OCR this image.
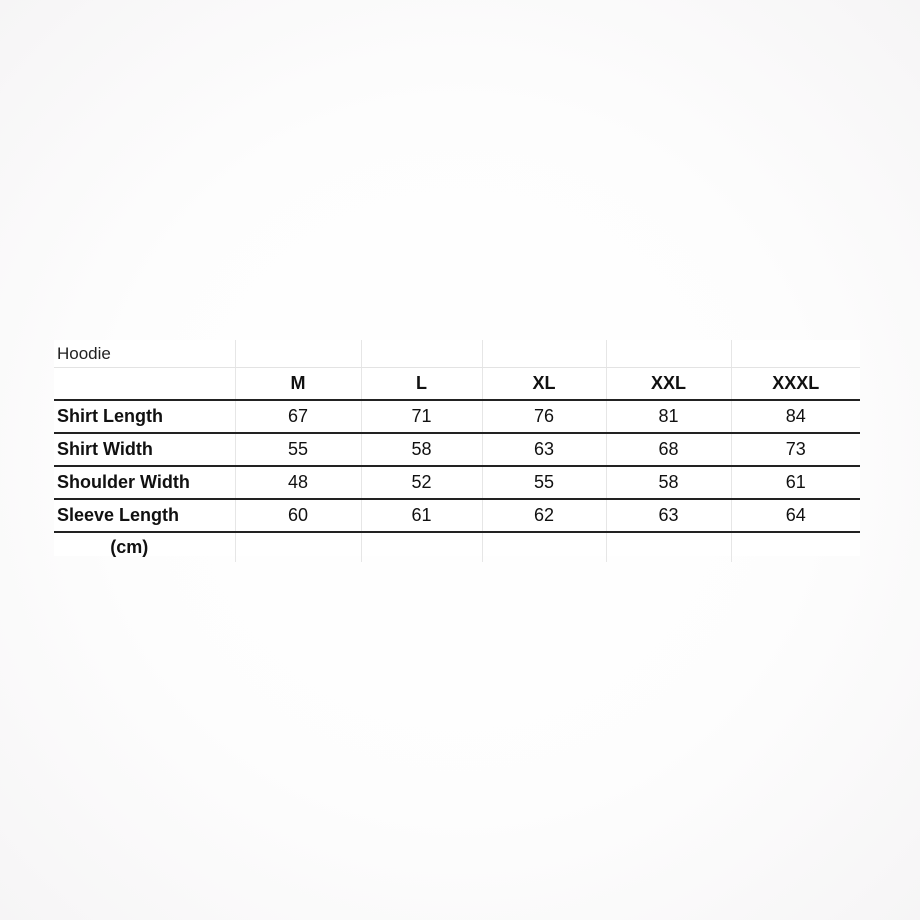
Hoodie					
	M	L	XL	XXL	XXXL
Shirt Length	67	71	76	81	84
Shirt Width	55	58	63	68	73
Shoulder Width	48	52	55	58	61
Sleeve Length	60	61	62	63	64
(cm)					
